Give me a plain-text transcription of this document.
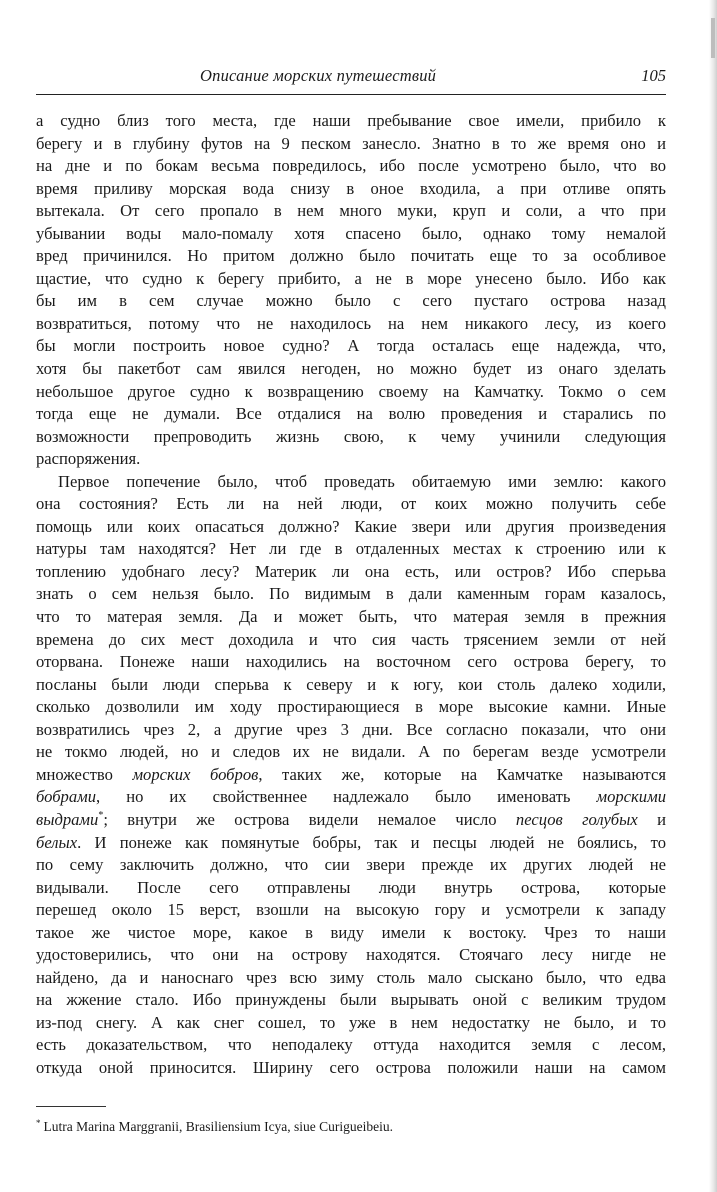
Описание морских путешествий	105

а судно близ того места, где наши пребывание свое имели, прибило к
берегу и в глубину футов на 9 песком занесло. Знатно в то же время оно и
на дне и по бокам весьма повредилось, ибо после усмотрено было, что во
время приливу морская вода снизу в оное входила, а при отливе опять
вытекала. От сего пропало в нем много муки, круп и соли, а что при
убывании воды мало-помалу хотя спасено было, однако тому немалой
вред причинился. Но притом должно было почитать еще то за особливое
щастие, что судно к берегу прибито, а не в море унесено было. Ибо как
бы им в сем случае можно было с сего пустаго острова назад
возвратиться, потому что не находилось на нем никакого лесу, из коего
бы могли построить новое судно? А тогда осталась еще надежда, что,
хотя бы пакетбот сам явился негоден, но можно будет из онаго зделать
небольшое другое судно к возвращению своему на Камчатку. Токмо о сем
тогда еще не думали. Все отдалися на волю проведения и старались по
возможности препроводить жизнь свою, к чему учинили следующия
распоряжения.

Первое попечение было, чтоб проведать обитаемую ими землю: какого
она состояния? Есть ли на ней люди, от коих можно получить себе
помощь или коих опасаться должно? Какие звери или другия произведения
натуры там находятся? Нет ли где в отдаленных местах к строению или к
топлению удобнаго лесу? Материк ли она есть, или остров? Ибо сперьва
знать о сем нельзя было. По видимым в дали каменным горам казалось,
что то матерая земля. Да и может быть, что матерая земля в прежния
времена до сих мест доходила и что сия часть трясением земли от ней
оторвана. Понеже наши находились на восточном сего острова берегу, то
посланы были люди сперьва к северу и к югу, кои столь далеко ходили,
сколько дозволили им ходу простирающиеся в море высокие камни. Иные
возвратились чрез 2, а другие чрез 3 дни. Все согласно показали, что они
не токмо людей, но и следов их не видали. А по берегам везде усмотрели
множество морских бобров, таких же, которые на Камчатке называются
бобрами, но их свойственнее надлежало было именовать морскими
выдрами*; внутри же острова видели немалое число песцов голубых и
белых. И понеже как помянутые бобры, так и песцы людей не боялись, то
по сему заключить должно, что сии звери прежде их других людей не
видывали. После сего отправлены люди внутрь острова, которые
перешед около 15 верст, взошли на высокую гору и усмотрели к западу
такое же чистое море, какое в виду имели к востоку. Чрез то наши
удостоверились, что они на острову находятся. Стоячаго лесу нигде не
найдено, да и наноснаго чрез всю зиму столь мало сыскано было, что едва
на жжение стало. Ибо принуждены были вырывать оной с великим трудом
из-под снегу. А как снег сошел, то уже в нем недостатку не было, и то
есть доказательством, что неподалеку оттуда находится земля с лесом,
откуда оной приносится. Ширину сего острова положили наши на самом

* Lutra Marina Marggranii, Brasiliensium Icya, siue Curigueibeiu.
